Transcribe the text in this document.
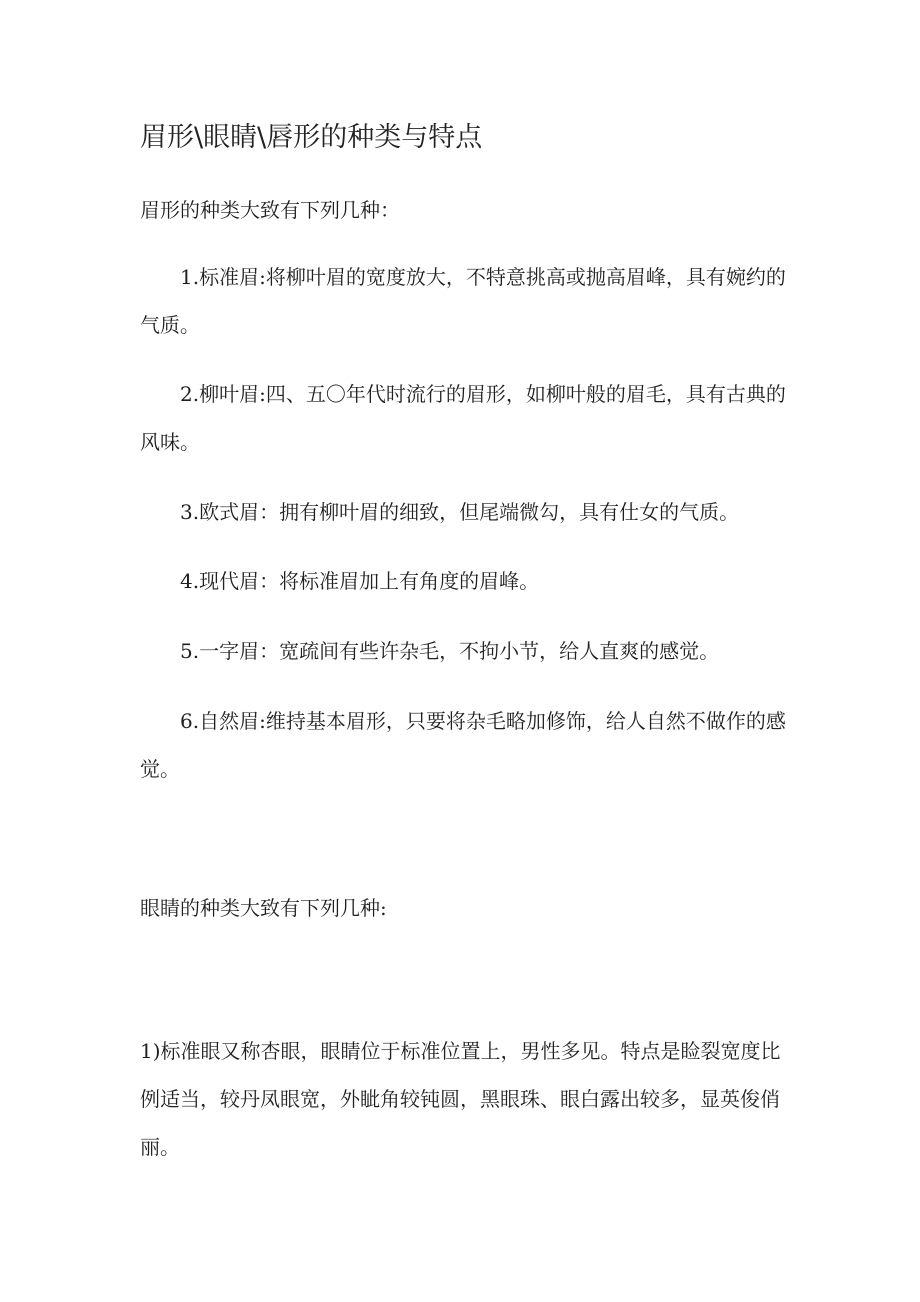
眉形\眼睛\唇形的种类与特点

眉形的种类大致有下列几种：

1.标准眉:将柳叶眉的宽度放大，不特意挑高或抛高眉峰，具有婉约的气质。

2.柳叶眉:四、五〇年代时流行的眉形，如柳叶般的眉毛，具有古典的风味。

3.欧式眉：拥有柳叶眉的细致，但尾端微勾，具有仕女的气质。

4.现代眉：将标准眉加上有角度的眉峰。

5.一字眉：宽疏间有些许杂毛，不拘小节，给人直爽的感觉。

6.自然眉:维持基本眉形，只要将杂毛略加修饰，给人自然不做作的感觉。

眼睛的种类大致有下列几种:

1)标准眼又称杏眼，眼睛位于标准位置上，男性多见。特点是睑裂宽度比例适当，较丹凤眼宽，外眦角较钝圆，黑眼珠、眼白露出较多，显英俊俏丽。
